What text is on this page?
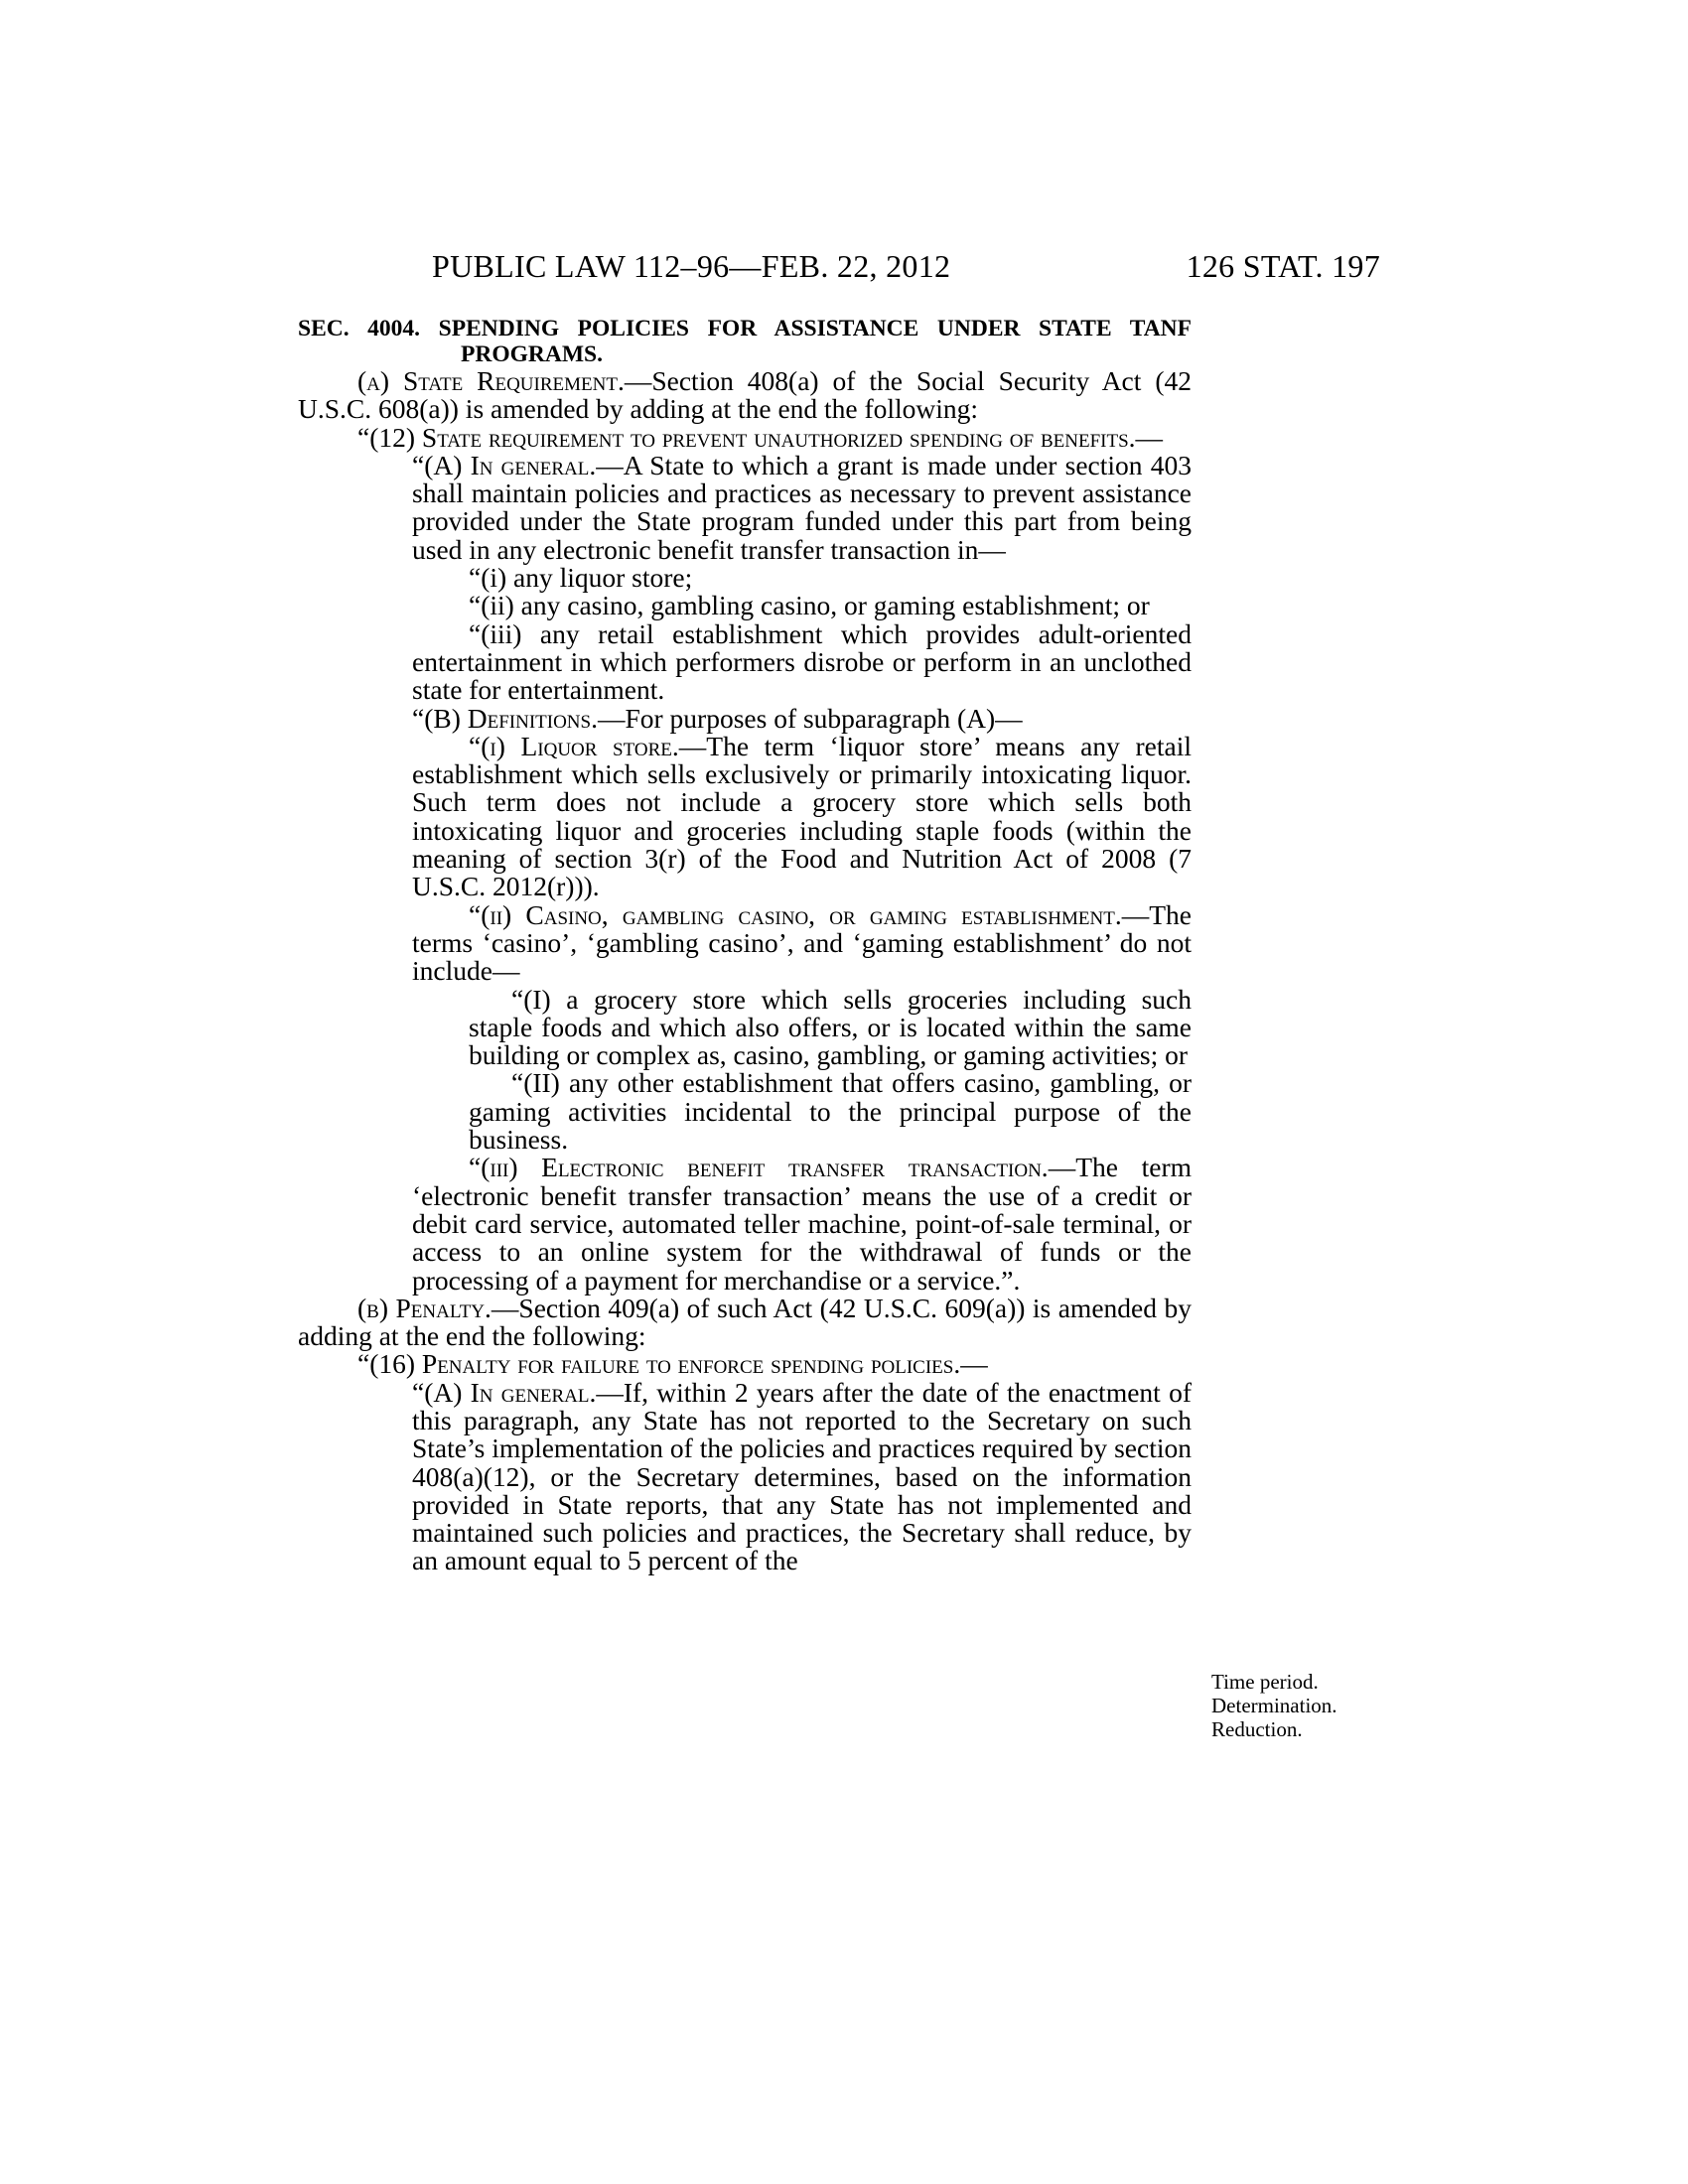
PUBLIC LAW 112–96—FEB. 22, 2012	126 STAT. 197

SEC. 4004. SPENDING POLICIES FOR ASSISTANCE UNDER STATE TANF PROGRAMS.

(a) State Requirement.—Section 408(a) of the Social Security Act (42 U.S.C. 608(a)) is amended by adding at the end the following:

“(12) State requirement to prevent unauthorized spending of benefits.—

“(A) In general.—A State to which a grant is made under section 403 shall maintain policies and practices as necessary to prevent assistance provided under the State program funded under this part from being used in any electronic benefit transfer transaction in—

“(i) any liquor store;

“(ii) any casino, gambling casino, or gaming establishment; or

“(iii) any retail establishment which provides adult-oriented entertainment in which performers disrobe or perform in an unclothed state for entertainment.

“(B) Definitions.—For purposes of subparagraph (A)—

“(i) Liquor store.—The term ‘liquor store’ means any retail establishment which sells exclusively or primarily intoxicating liquor. Such term does not include a grocery store which sells both intoxicating liquor and groceries including staple foods (within the meaning of section 3(r) of the Food and Nutrition Act of 2008 (7 U.S.C. 2012(r))).

“(ii) Casino, gambling casino, or gaming establishment.—The terms ‘casino’, ‘gambling casino’, and ‘gaming establishment’ do not include—

“(I) a grocery store which sells groceries including such staple foods and which also offers, or is located within the same building or complex as, casino, gambling, or gaming activities; or

“(II) any other establishment that offers casino, gambling, or gaming activities incidental to the principal purpose of the business.

“(iii) Electronic benefit transfer transaction.—The term ‘electronic benefit transfer transaction’ means the use of a credit or debit card service, automated teller machine, point-of-sale terminal, or access to an online system for the withdrawal of funds or the processing of a payment for merchandise or a service.”.

(b) Penalty.—Section 409(a) of such Act (42 U.S.C. 609(a)) is amended by adding at the end the following:

“(16) Penalty for failure to enforce spending policies.—

“(A) In general.—If, within 2 years after the date of the enactment of this paragraph, any State has not reported to the Secretary on such State’s implementation of the policies and practices required by section 408(a)(12), or the Secretary determines, based on the information provided in State reports, that any State has not implemented and maintained such policies and practices, the Secretary shall reduce, by an amount equal to 5 percent of the

Time period.
Determination.
Reduction.
